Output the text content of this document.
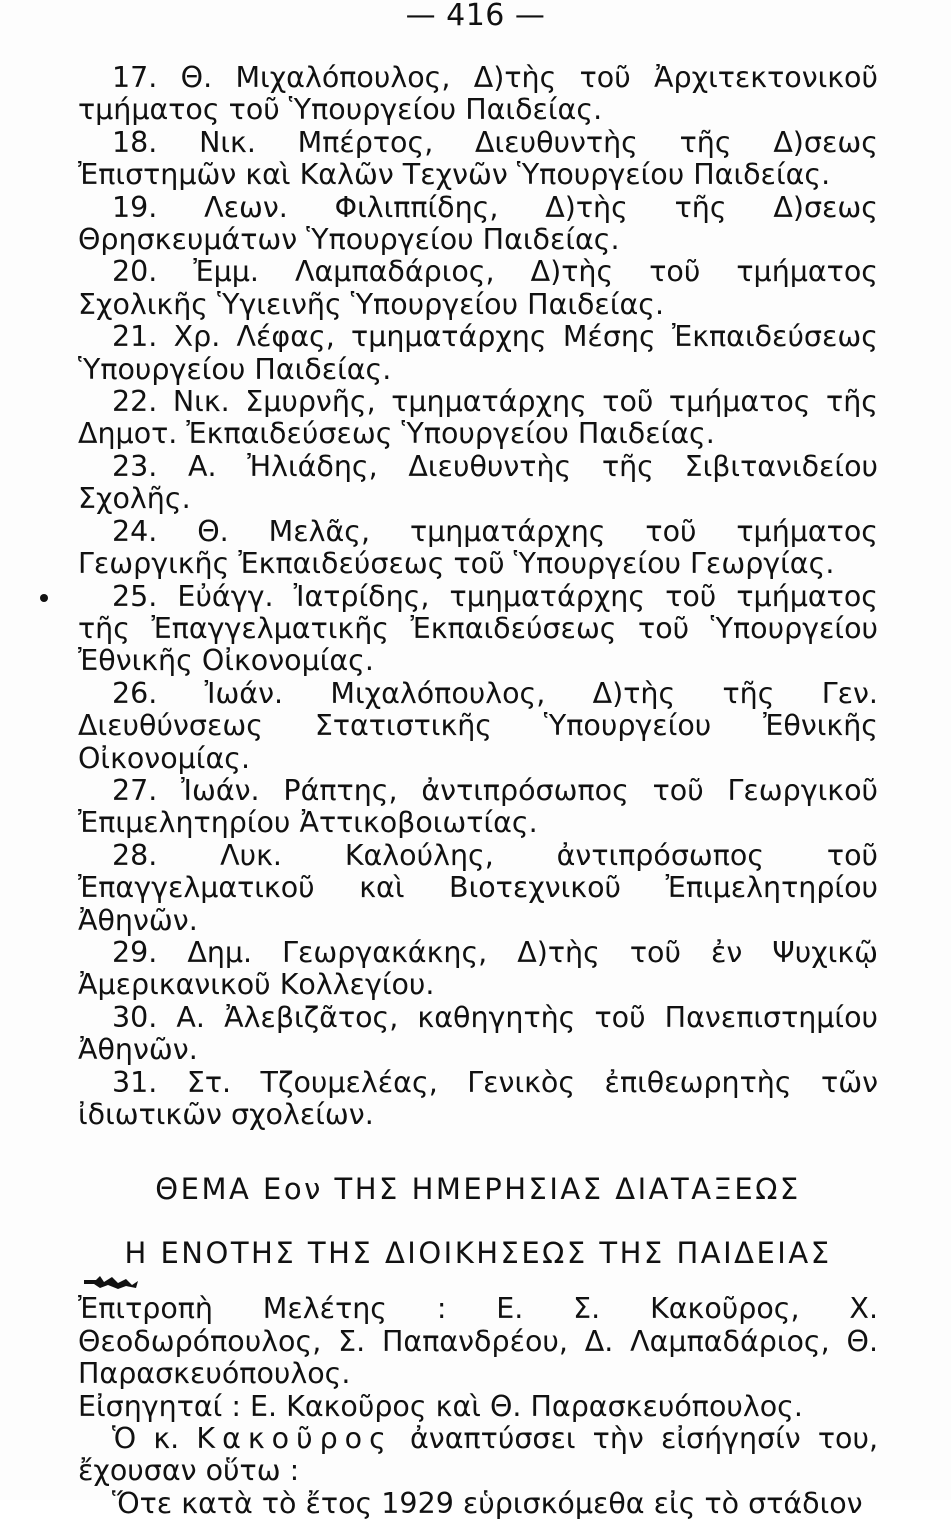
— 416 —

17. Θ. Μιχαλόπουλος, Δ)τὴς τοῦ Ἀρχιτεκτονικοῦ τμήματος τοῦ Ὑπουργείου Παιδείας.

18. Νικ. Μπέρτος, Διευθυντὴς τῆς Δ)σεως Ἐπιστημῶν καὶ Καλῶν Τεχνῶν Ὑπουργείου Παιδείας.

19. Λεων. Φιλιππίδης, Δ)τὴς τῆς Δ)σεως Θρησκευμάτων Ὑπουργείου Παιδείας.

20. Ἐμμ. Λαμπαδάριος, Δ)τὴς τοῦ τμήματος Σχολικῆς Ὑγιεινῆς Ὑπουργείου Παιδείας.

21. Χρ. Λέφας, τμηματάρχης Μέσης Ἐκπαιδεύσεως Ὑπουργείου Παιδείας.

22. Νικ. Σμυρνῆς, τμηματάρχης τοῦ τμήματος τῆς Δημοτ. Ἐκπαιδεύσεως Ὑπουργείου Παιδείας.

23. Α. Ἠλιάδης, Διευθυντὴς τῆς Σιβιτανιδείου Σχολῆς.

24. Θ. Μελᾶς, τμηματάρχης τοῦ τμήματος Γεωργικῆς Ἐκπαιδεύσεως τοῦ Ὑπουργείου Γεωργίας.

25. Εὐάγγ. Ἰατρίδης, τμηματάρχης τοῦ τμήματος τῆς Ἐπαγγελματικῆς Ἐκπαιδεύσεως τοῦ Ὑπουργείου Ἐθνικῆς Οἰκονομίας.

26. Ἰωάν. Μιχαλόπουλος, Δ)τὴς τῆς Γεν. Διευθύνσεως Στατιστικῆς Ὑπουργείου Ἐθνικῆς Οἰκονομίας.

27. Ἰωάν. Ράπτης, ἀντιπρόσωπος τοῦ Γεωργικοῦ Ἐπιμελητηρίου Ἀττικοβοιωτίας.

28. Λυκ. Καλούλης, ἀντιπρόσωπος τοῦ Ἐπαγγελματικοῦ καὶ Βιοτεχνικοῦ Ἐπιμελητηρίου Ἀθηνῶν.

29. Δημ. Γεωργακάκης, Δ)τὴς τοῦ ἐν Ψυχικῷ Ἀμερικανικοῦ Κολλεγίου.

30. Α. Ἀλεβιζᾶτος, καθηγητὴς τοῦ Πανεπιστημίου Ἀθηνῶν.

31. Στ. Τζουμελέας, Γενικὸς ἐπιθεωρητὴς τῶν ἰδιωτικῶν σχολείων.

ΘΕΜΑ Εον ΤΗΣ ΗΜΕΡΗΣΙΑΣ ΔΙΑΤΑΞΕΩΣ

Η ΕΝΟΤΗΣ ΤΗΣ ΔΙΟΙΚΗΣΕΩΣ ΤΗΣ ΠΑΙΔΕΙΑΣ

Ἐπιτροπὴ Μελέτης : Ε. Σ. Κακοῦρος, Χ. Θεοδωρόπουλος, Σ. Παπανδρέου, Δ. Λαμπαδάριος, Θ. Παρασκευόπουλος.

Εἰσηγηταί : Ε. Κακοῦρος καὶ Θ. Παρασκευόπουλος.

Ὁ κ. Κακοῦρος ἀναπτύσσει τὴν εἰσήγησίν του, ἔχουσαν οὕτω :

Ὅτε κατὰ τὸ ἔτος 1929 εὑρισκόμεθα εἰς τὸ στάδιον
